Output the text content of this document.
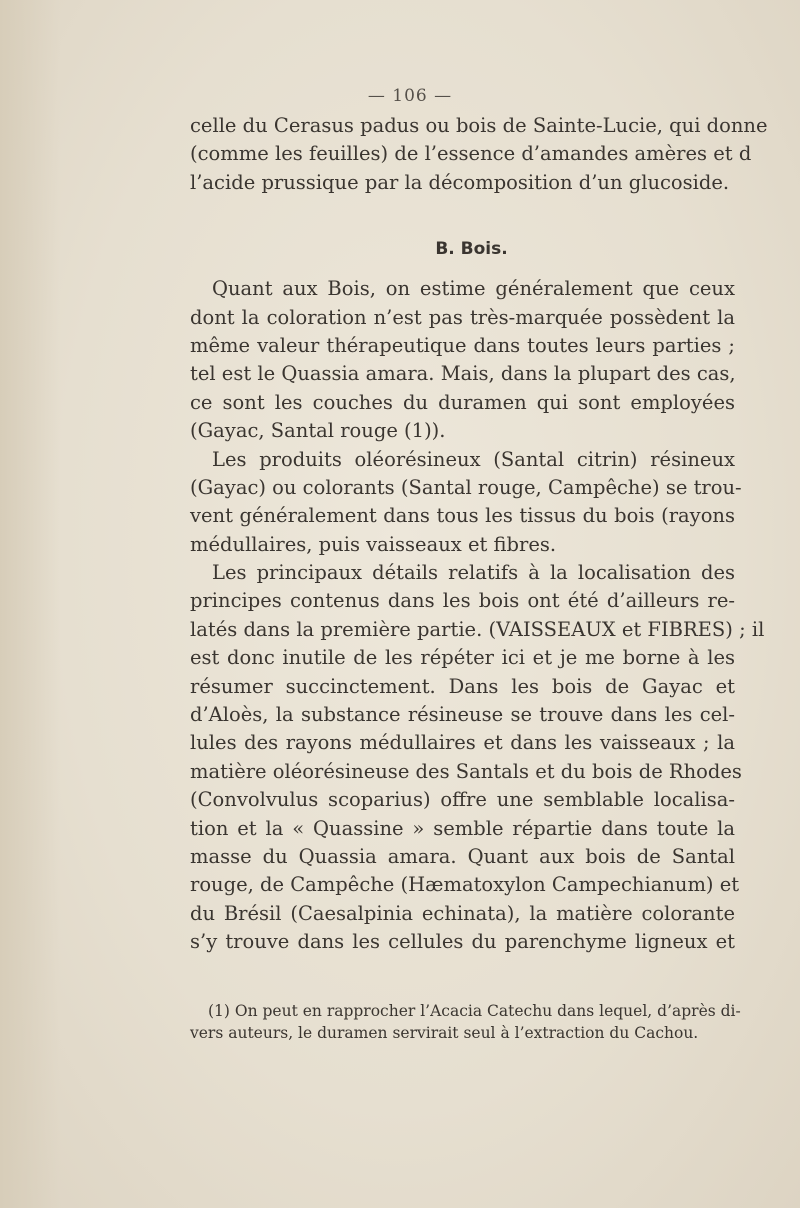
— 106 —
celle du Cerasus padus ou bois de Sainte-Lucie, qui donne
(comme les feuilles) de l’essence d’amandes amères et d
l’acide prussique par la décomposition d’un glucoside.
B. Bois.
Quant aux Bois, on estime généralement que ceux
dont la coloration n’est pas très-marquée possèdent la
même valeur thérapeutique dans toutes leurs parties ;
tel est le Quassia amara. Mais, dans la plupart des cas,
ce sont les couches du duramen qui sont employées
(Gayac, Santal rouge (1)).
Les produits oléorésineux (Santal citrin) résineux
(Gayac) ou colorants (Santal rouge, Campêche) se trou-
vent généralement dans tous les tissus du bois (rayons
médullaires, puis vaisseaux et fibres.
Les principaux détails relatifs à la localisation des
principes contenus dans les bois ont été d’ailleurs re-
latés dans la première partie. (VAISSEAUX et FIBRES) ; il
est donc inutile de les répéter ici et je me borne à les
résumer succinctement. Dans les bois de Gayac et
d’Aloès, la substance résineuse se trouve dans les cel-
lules des rayons médullaires et dans les vaisseaux ; la
matière oléorésineuse des Santals et du bois de Rhodes
(Convolvulus scoparius) offre une semblable localisa-
tion et la « Quassine » semble répartie dans toute la
masse du Quassia amara. Quant aux bois de Santal
rouge, de Campêche (Hæmatoxylon Campechianum) et
du Brésil (Caesalpinia echinata), la matière colorante
s’y trouve dans les cellules du parenchyme ligneux et
(1) On peut en rapprocher l’Acacia Catechu dans lequel, d’après di-
vers auteurs, le duramen servirait seul à l’extraction du Cachou.
